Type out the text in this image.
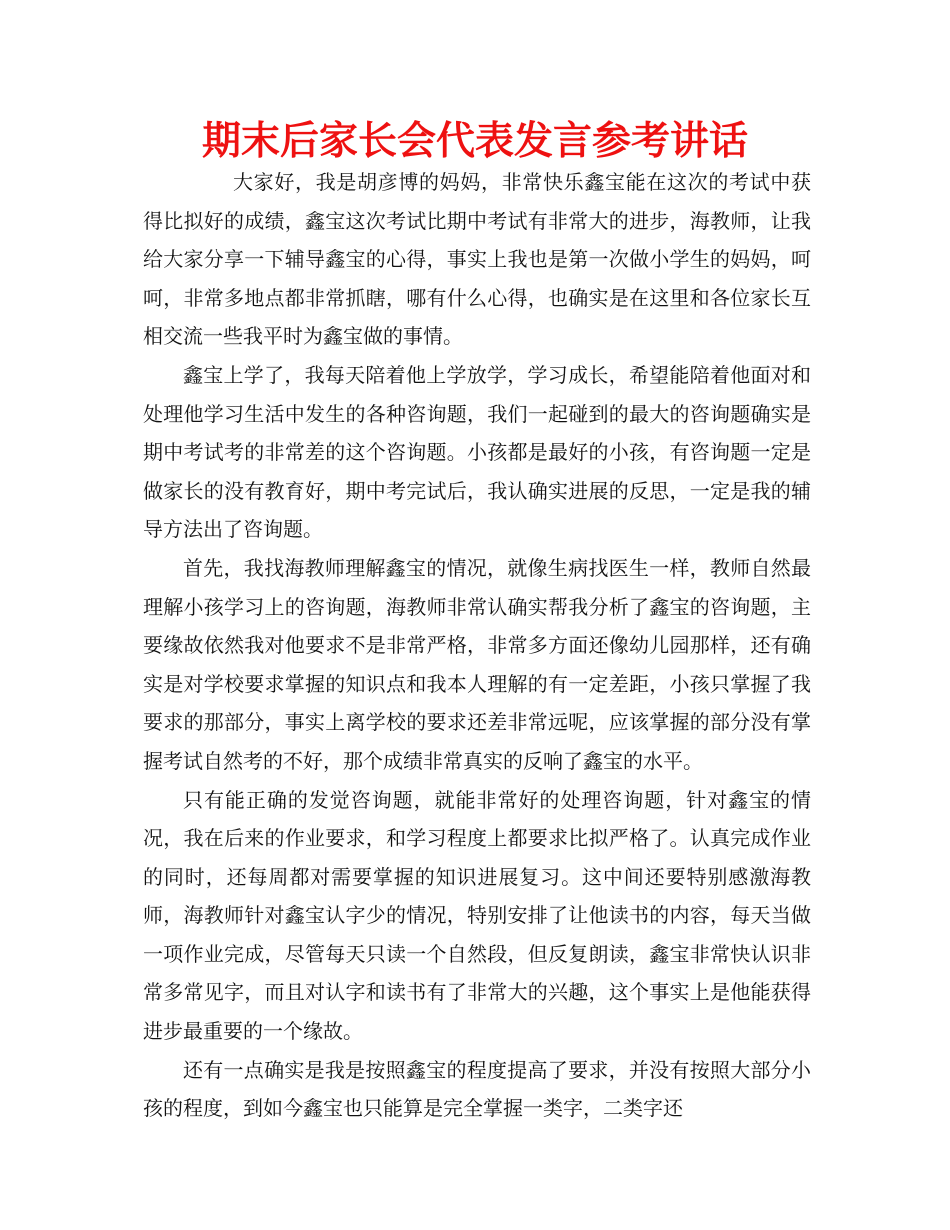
期末后家长会代表发言参考讲话

大家好，我是胡彦博的妈妈，非常快乐鑫宝能在这次的考试中获得比拟好的成绩，鑫宝这次考试比期中考试有非常大的进步，海教师，让我给大家分享一下辅导鑫宝的心得，事实上我也是第一次做小学生的妈妈，呵呵，非常多地点都非常抓瞎，哪有什么心得，也确实是在这里和各位家长互相交流一些我平时为鑫宝做的事情。

鑫宝上学了，我每天陪着他上学放学，学习成长，希望能陪着他面对和处理他学习生活中发生的各种咨询题，我们一起碰到的最大的咨询题确实是期中考试考的非常差的这个咨询题。小孩都是最好的小孩，有咨询题一定是做家长的没有教育好，期中考完试后，我认确实进展的反思，一定是我的辅导方法出了咨询题。

首先，我找海教师理解鑫宝的情况，就像生病找医生一样，教师自然最理解小孩学习上的咨询题，海教师非常认确实帮我分析了鑫宝的咨询题，主要缘故依然我对他要求不是非常严格，非常多方面还像幼儿园那样，还有确实是对学校要求掌握的知识点和我本人理解的有一定差距，小孩只掌握了我要求的那部分，事实上离学校的要求还差非常远呢，应该掌握的部分没有掌握考试自然考的不好，那个成绩非常真实的反响了鑫宝的水平。

只有能正确的发觉咨询题，就能非常好的处理咨询题，针对鑫宝的情况，我在后来的作业要求，和学习程度上都要求比拟严格了。认真完成作业的同时，还每周都对需要掌握的知识进展复习。这中间还要特别感激海教师，海教师针对鑫宝认字少的情况，特别安排了让他读书的内容，每天当做一项作业完成，尽管每天只读一个自然段，但反复朗读，鑫宝非常快认识非常多常见字，而且对认字和读书有了非常大的兴趣，这个事实上是他能获得进步最重要的一个缘故。

还有一点确实是我是按照鑫宝的程度提高了要求，并没有按照大部分小孩的程度，到如今鑫宝也只能算是完全掌握一类字，二类字还
